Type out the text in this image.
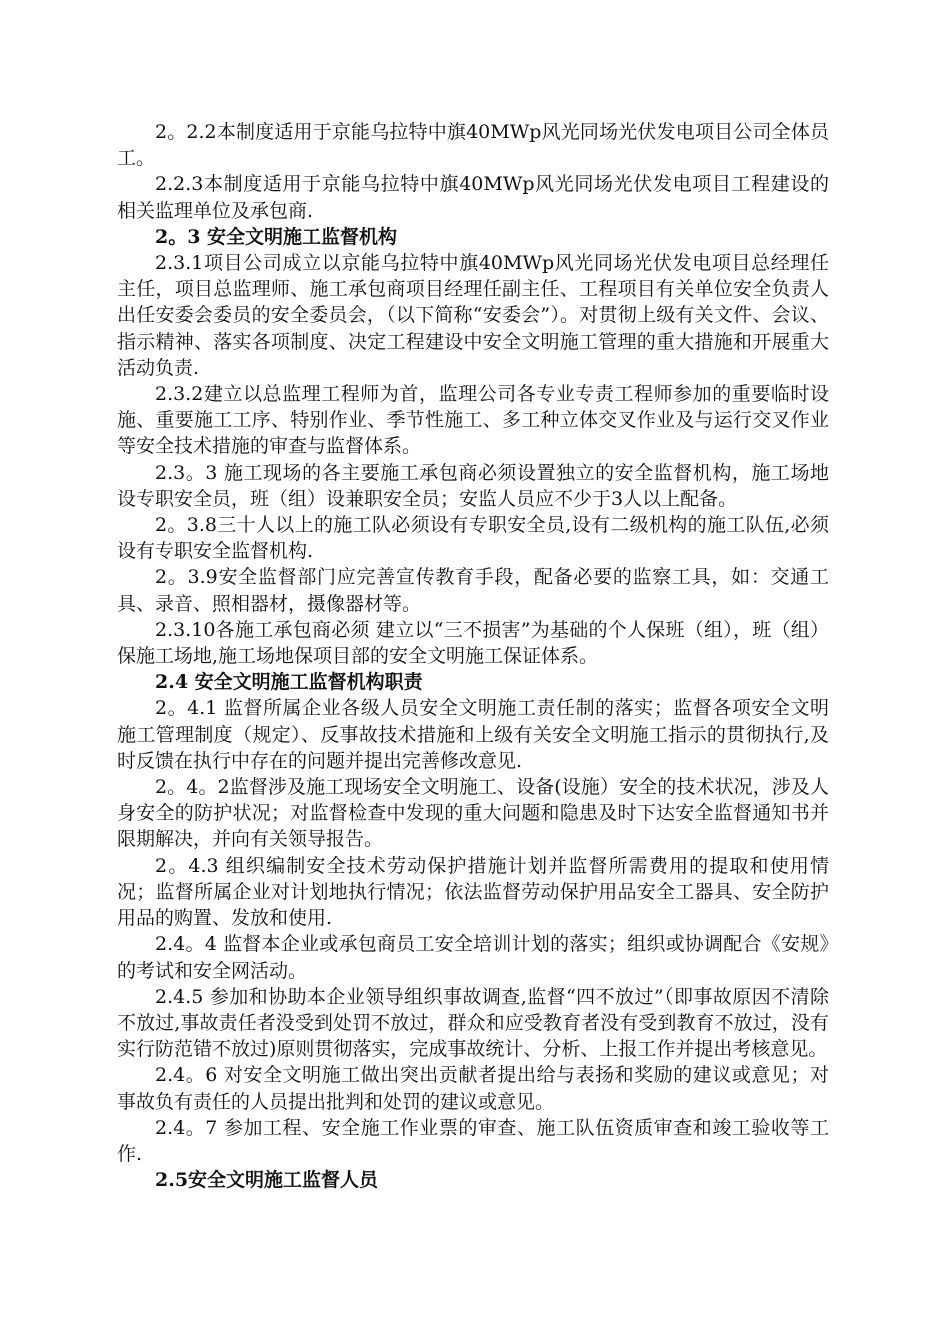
2。2.2本制度适用于京能乌拉特中旗40MWp风光同场光伏发电项目公司全体员工。

2.2.3本制度适用于京能乌拉特中旗40MWp风光同场光伏发电项目工程建设的相关监理单位及承包商.

2。3 安全文明施工监督机构

2.3.1项目公司成立以京能乌拉特中旗40MWp风光同场光伏发电项目总经理任主任，项目总监理师、施工承包商项目经理任副主任、工程项目有关单位安全负责人出任安委会委员的安全委员会，（以下简称“安委会”）。对贯彻上级有关文件、会议、指示精神、落实各项制度、决定工程建设中安全文明施工管理的重大措施和开展重大活动负责.

2.3.2建立以总监理工程师为首，监理公司各专业专责工程师参加的重要临时设施、重要施工工序、特别作业、季节性施工、多工种立体交叉作业及与运行交叉作业等安全技术措施的审查与监督体系。

2.3。3 施工现场的各主要施工承包商必须设置独立的安全监督机构，施工场地设专职安全员，班（组）设兼职安全员；安监人员应不少于3人以上配备。

2。3.8三十人以上的施工队必须设有专职安全员,设有二级机构的施工队伍,必须设有专职安全监督机构.

2。3.9安全监督部门应完善宣传教育手段，配备必要的监察工具，如：交通工具、录音、照相器材，摄像器材等。

2.3.10各施工承包商必须 建立以“三不损害”为基础的个人保班（组），班（组）保施工场地,施工场地保项目部的安全文明施工保证体系。

2.4 安全文明施工监督机构职责

2。4.1 监督所属企业各级人员安全文明施工责任制的落实；监督各项安全文明施工管理制度（规定）、反事故技术措施和上级有关安全文明施工指示的贯彻执行,及时反馈在执行中存在的问题并提出完善修改意见.

2。4。2监督涉及施工现场安全文明施工、设备(设施）安全的技术状况，涉及人身安全的防护状况；对监督检查中发现的重大问题和隐患及时下达安全监督通知书并限期解决，并向有关领导报告。

2。4.3 组织编制安全技术劳动保护措施计划并监督所需费用的提取和使用情况；监督所属企业对计划地执行情况；依法监督劳动保护用品安全工器具、安全防护用品的购置、发放和使用.

2.4。4 监督本企业或承包商员工安全培训计划的落实；组织或协调配合《安规》的考试和安全网活动。

2.4.5 参加和协助本企业领导组织事故调查,监督“四不放过”（即事故原因不清除不放过,事故责任者没受到处罚不放过，群众和应受教育者没有受到教育不放过，没有实行防范错不放过)原则贯彻落实，完成事故统计、分析、上报工作并提出考核意见。

2.4。6 对安全文明施工做出突出贡献者提出给与表扬和奖励的建议或意见；对事故负有责任的人员提出批判和处罚的建议或意见。

2.4。7 参加工程、安全施工作业票的审查、施工队伍资质审查和竣工验收等工作.

2.5安全文明施工监督人员
